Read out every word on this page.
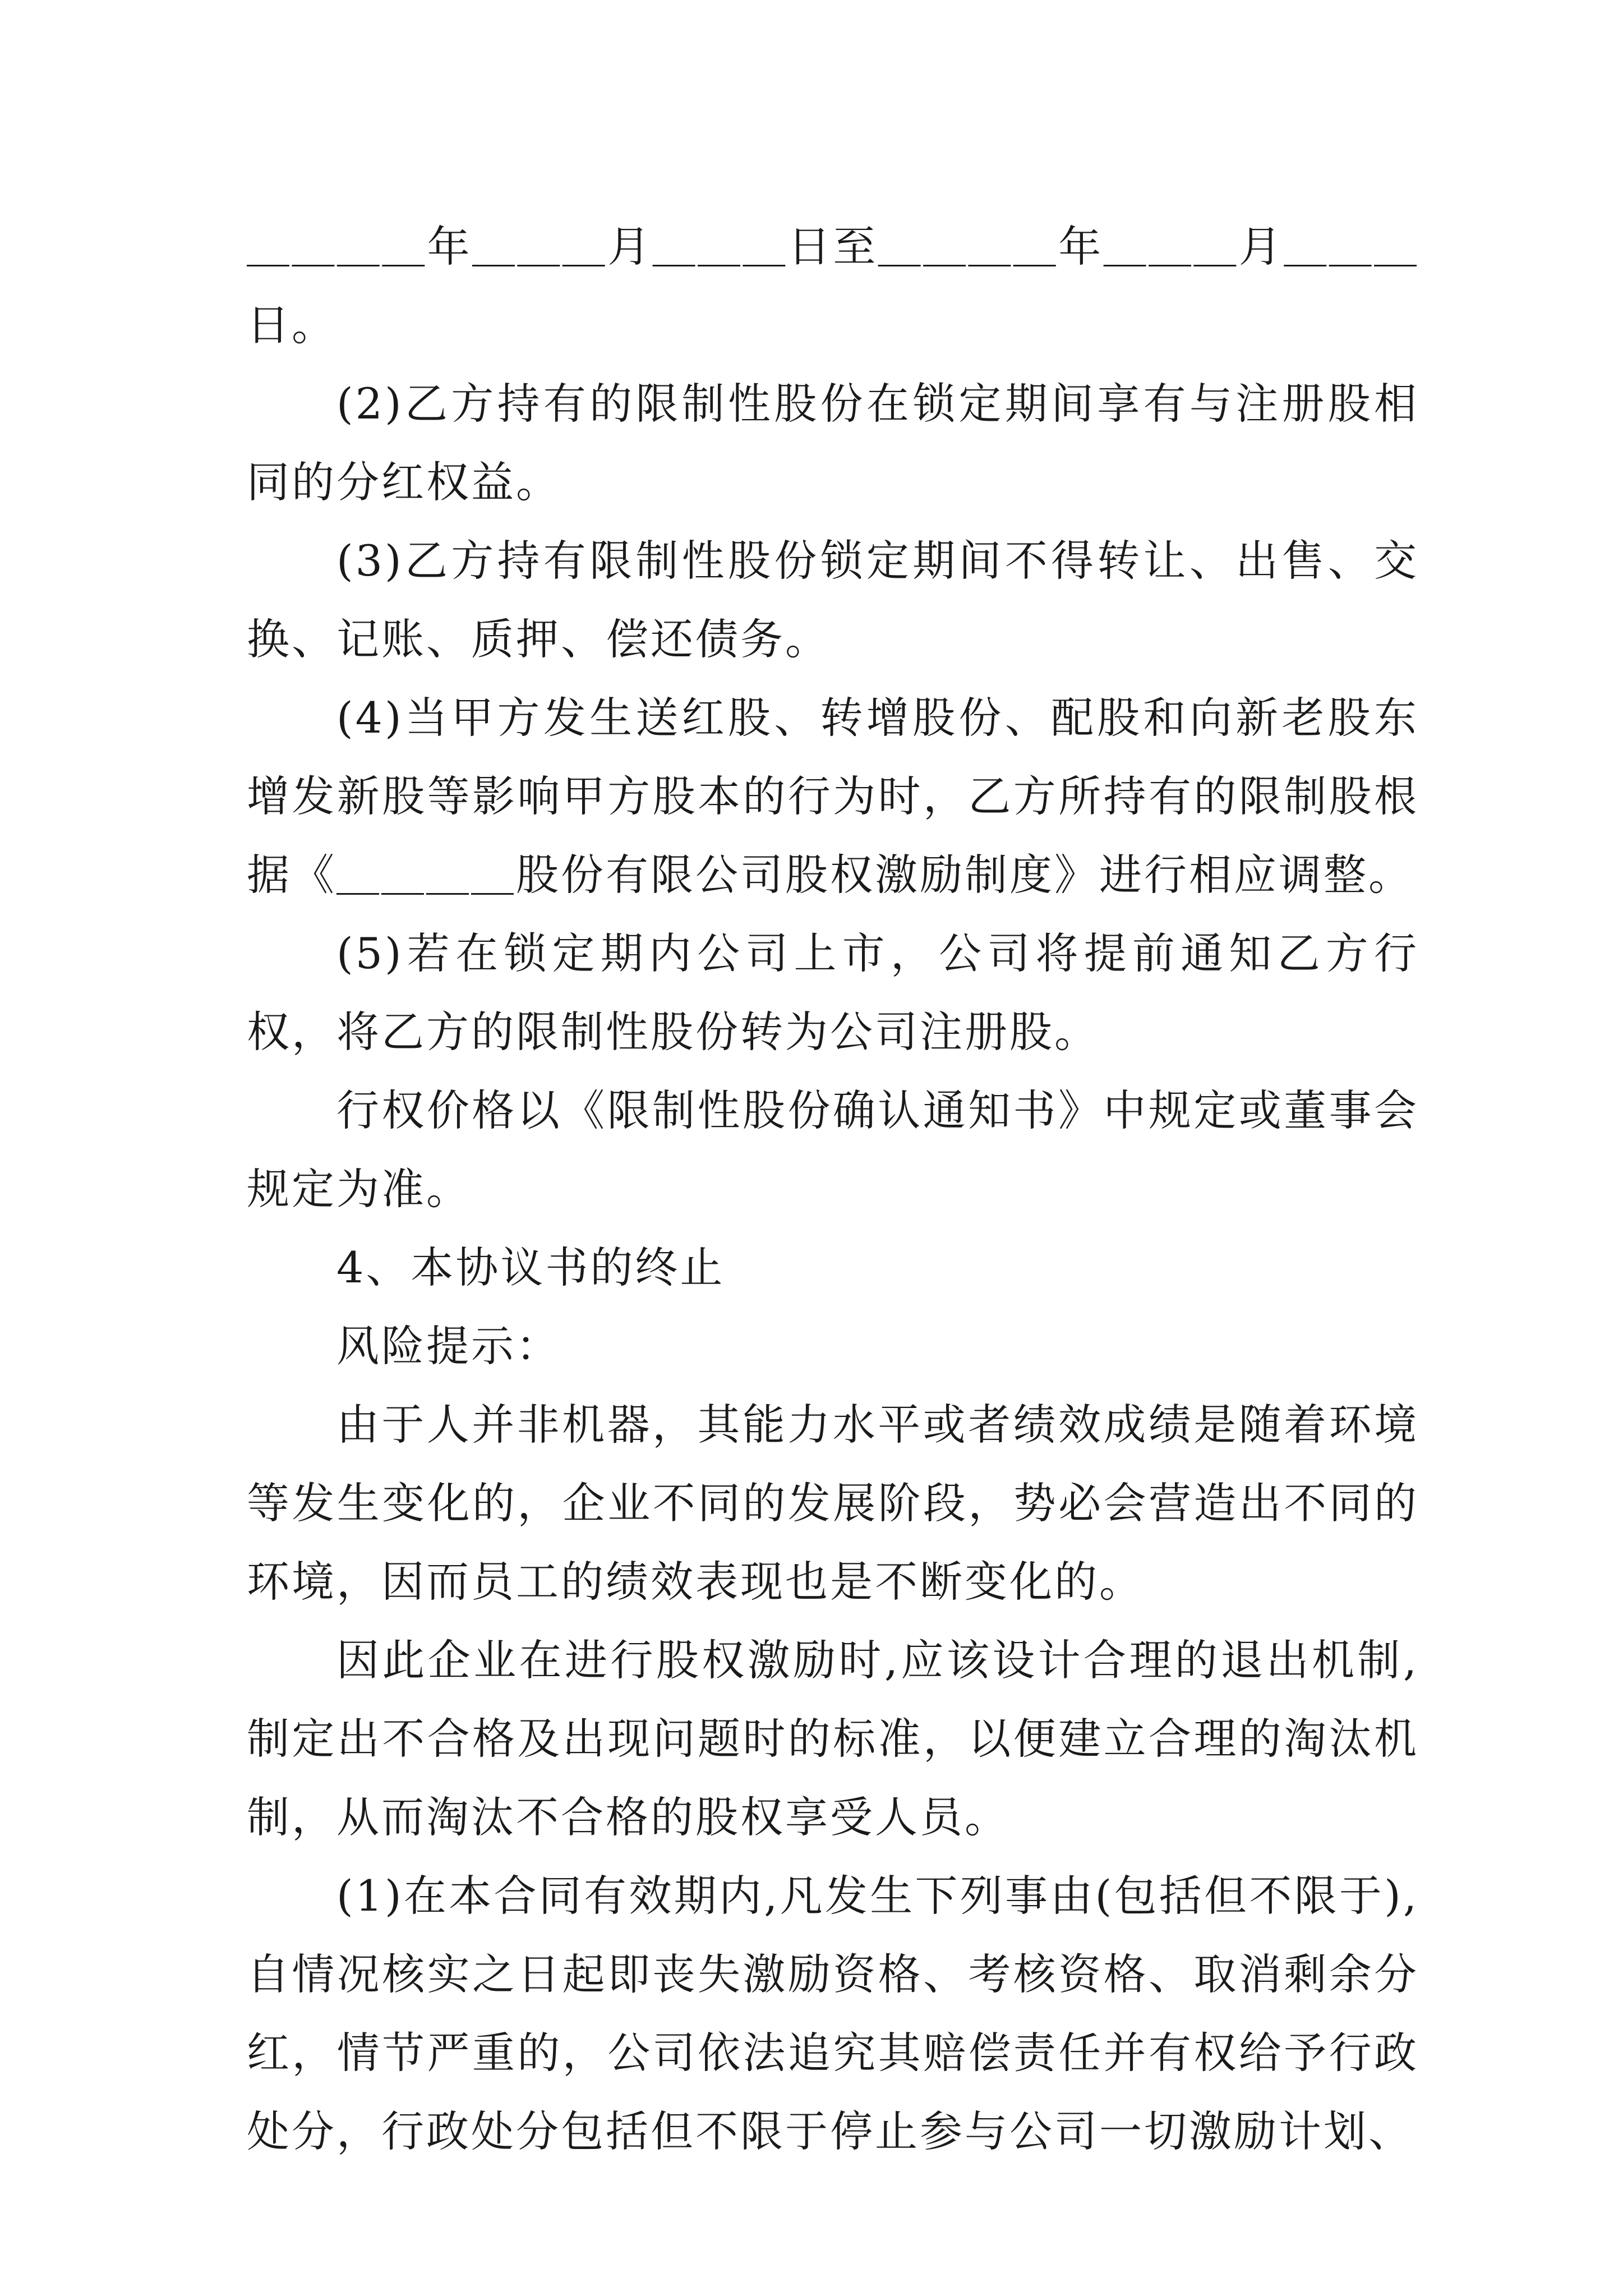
＿＿＿＿年＿＿＿月＿＿＿日至＿＿＿＿年＿＿＿月＿＿＿日。

(2)乙方持有的限制性股份在锁定期间享有与注册股相同的分红权益。

(3)乙方持有限制性股份锁定期间不得转让、出售、交换、记账、质押、偿还债务。

(4)当甲方发生送红股、转增股份、配股和向新老股东增发新股等影响甲方股本的行为时，乙方所持有的限制股根据《＿＿＿＿股份有限公司股权激励制度》进行相应调整。

(5)若在锁定期内公司上市，公司将提前通知乙方行权，将乙方的限制性股份转为公司注册股。

行权价格以《限制性股份确认通知书》中规定或董事会规定为准。

4、本协议书的终止

风险提示：

由于人并非机器，其能力水平或者绩效成绩是随着环境等发生变化的，企业不同的发展阶段，势必会营造出不同的环境，因而员工的绩效表现也是不断变化的。

因此企业在进行股权激励时,应该设计合理的退出机制,制定出不合格及出现问题时的标准，以便建立合理的淘汰机制，从而淘汰不合格的股权享受人员。

(1)在本合同有效期内,凡发生下列事由(包括但不限于),自情况核实之日起即丧失激励资格、考核资格、取消剩余分红，情节严重的，公司依法追究其赔偿责任并有权给予行政处分，行政处分包括但不限于停止参与公司一切激励计划、
